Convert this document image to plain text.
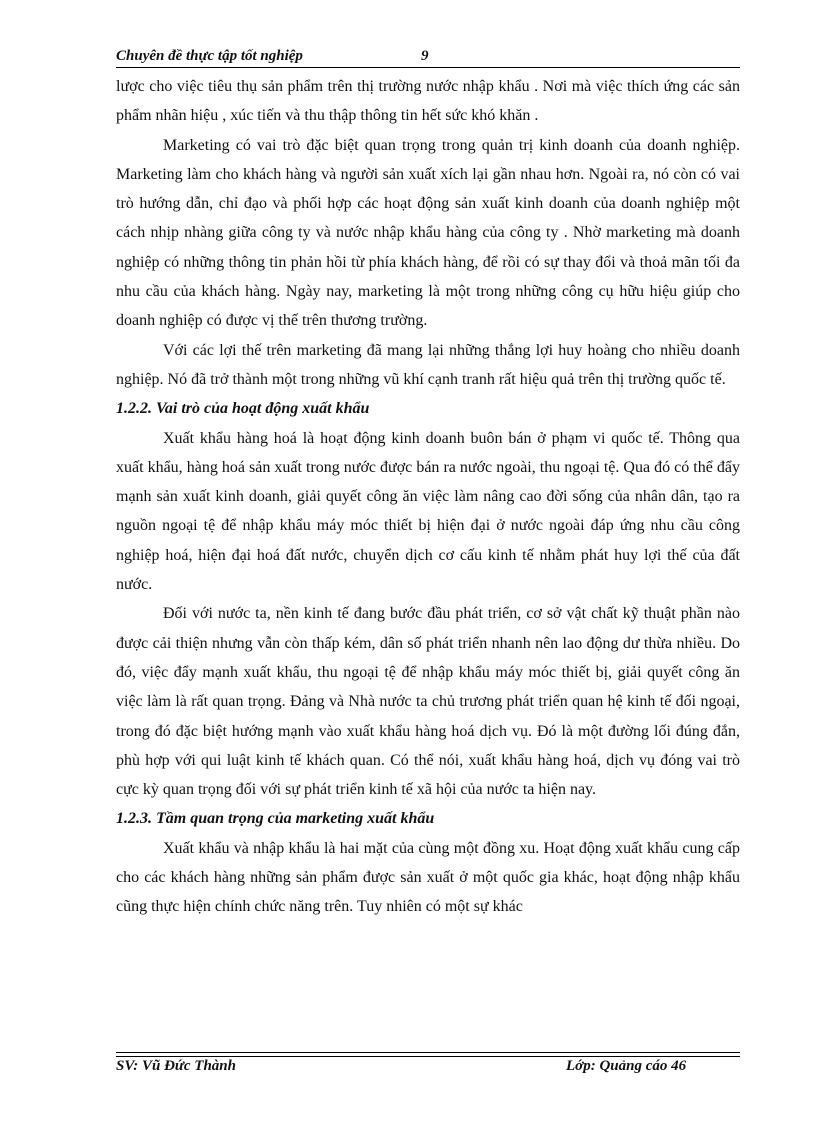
Chuyên đề thực tập tốt nghiệp	9

lược cho việc tiêu thụ sản phẩm trên thị trường nước nhập khẩu . Nơi mà việc thích ứng các sản phẩm nhãn hiệu , xúc tiến và thu thập thông tin hết sức khó khăn .

Marketing có vai trò đặc biệt quan trọng trong quản trị kinh doanh của doanh nghiệp. Marketing làm cho khách hàng và người sản xuất xích lại gần nhau hơn. Ngoài ra, nó còn có vai trò hướng dẫn, chỉ đạo và phối hợp các hoạt động sản xuất kinh doanh của doanh nghiệp một cách nhịp nhàng giữa công ty và nước nhập khẩu hàng của công ty . Nhờ marketing mà doanh nghiệp có những thông tin phản hồi từ phía khách hàng, để rồi có sự thay đổi và thoả mãn tối đa nhu cầu của khách hàng. Ngày nay, marketing là một trong những công cụ hữu hiệu giúp cho doanh nghiệp có được vị thế trên thương trường.

Với các lợi thế trên marketing đã mang lại những thắng lợi huy hoàng cho nhiều doanh nghiệp. Nó đã trở thành một trong những vũ khí cạnh tranh rất hiệu quả trên thị trường quốc tế.

1.2.2. Vai trò của hoạt động xuất khẩu

Xuất khẩu hàng hoá là hoạt động kinh doanh buôn bán ở phạm vi quốc tế. Thông qua xuất khẩu, hàng hoá sản xuất trong nước được bán ra nước ngoài, thu ngoại tệ. Qua đó có thể đẩy mạnh sản xuất kinh doanh, giải quyết công ăn việc làm nâng cao đời sống của nhân dân, tạo ra nguồn ngoại tệ để nhập khẩu máy móc thiết bị hiện đại ở nước ngoài đáp ứng nhu cầu công nghiệp hoá, hiện đại hoá đất nước, chuyển dịch cơ cấu kinh tế nhằm phát huy lợi thế của đất nước.

Đối với nước ta, nền kinh tế đang bước đầu phát triển, cơ sở vật chất kỹ thuật phần nào được cải thiện nhưng vẫn còn thấp kém, dân số phát triển nhanh nên lao động dư thừa nhiều. Do đó, việc đẩy mạnh xuất khẩu, thu ngoại tệ để nhập khẩu máy móc thiết bị, giải quyết công ăn việc làm là rất quan trọng. Đảng và Nhà nước ta chủ trương phát triển quan hệ kinh tế đối ngoại, trong đó đặc biệt hướng mạnh vào xuất khẩu hàng hoá dịch vụ. Đó là một đường lối đúng đắn, phù hợp với qui luật kinh tế khách quan. Có thể nói, xuất khẩu hàng hoá, dịch vụ đóng vai trò cực kỳ quan trọng đối với sự phát triển kinh tế xã hội của nước ta hiện nay.

1.2.3. Tầm quan trọng của marketing xuất khẩu

Xuất khẩu và nhập khẩu là hai mặt của cùng một đồng xu. Hoạt động xuất khẩu cung cấp cho các khách hàng những sản phẩm được sản xuất ở một quốc gia khác, hoạt động nhập khẩu cũng thực hiện chính chức năng trên. Tuy nhiên có một sự khác

SV: Vũ Đức Thành	Lớp: Quảng cáo 46
